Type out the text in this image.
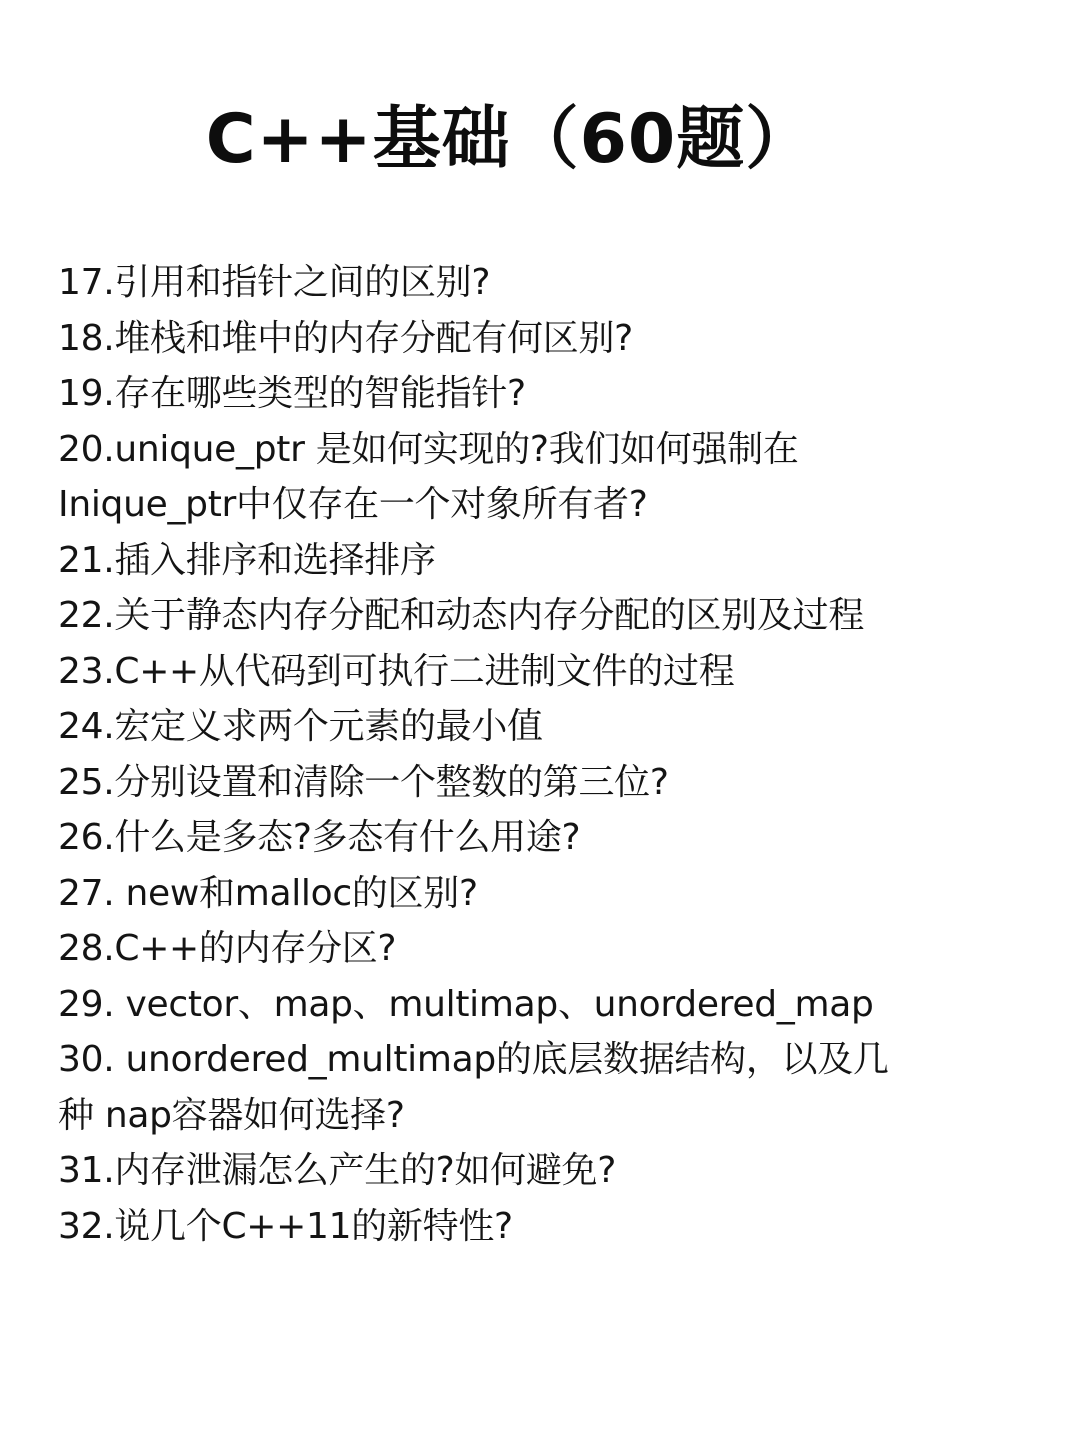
C++基础（60题）
17.引用和指针之间的区别?
18.堆栈和堆中的内存分配有何区别?
19.存在哪些类型的智能指针?
20.unique_ptr 是如何实现的?我们如何强制在
Inique_ptr中仅存在一个对象所有者?
21.插入排序和选择排序
22.关于静态内存分配和动态内存分配的区别及过程
23.C++从代码到可执行二进制文件的过程
24.宏定义求两个元素的最小值
25.分别设置和清除一个整数的第三位?
26.什么是多态?多态有什么用途?
27. new和malloc的区别?
28.C++的内存分区?
29. vector、map、multimap、unordered_map
30. unordered_multimap的底层数据结构，以及几
种 nap容器如何选择?
31.内存泄漏怎么产生的?如何避免?
32.说几个C++11的新特性?
